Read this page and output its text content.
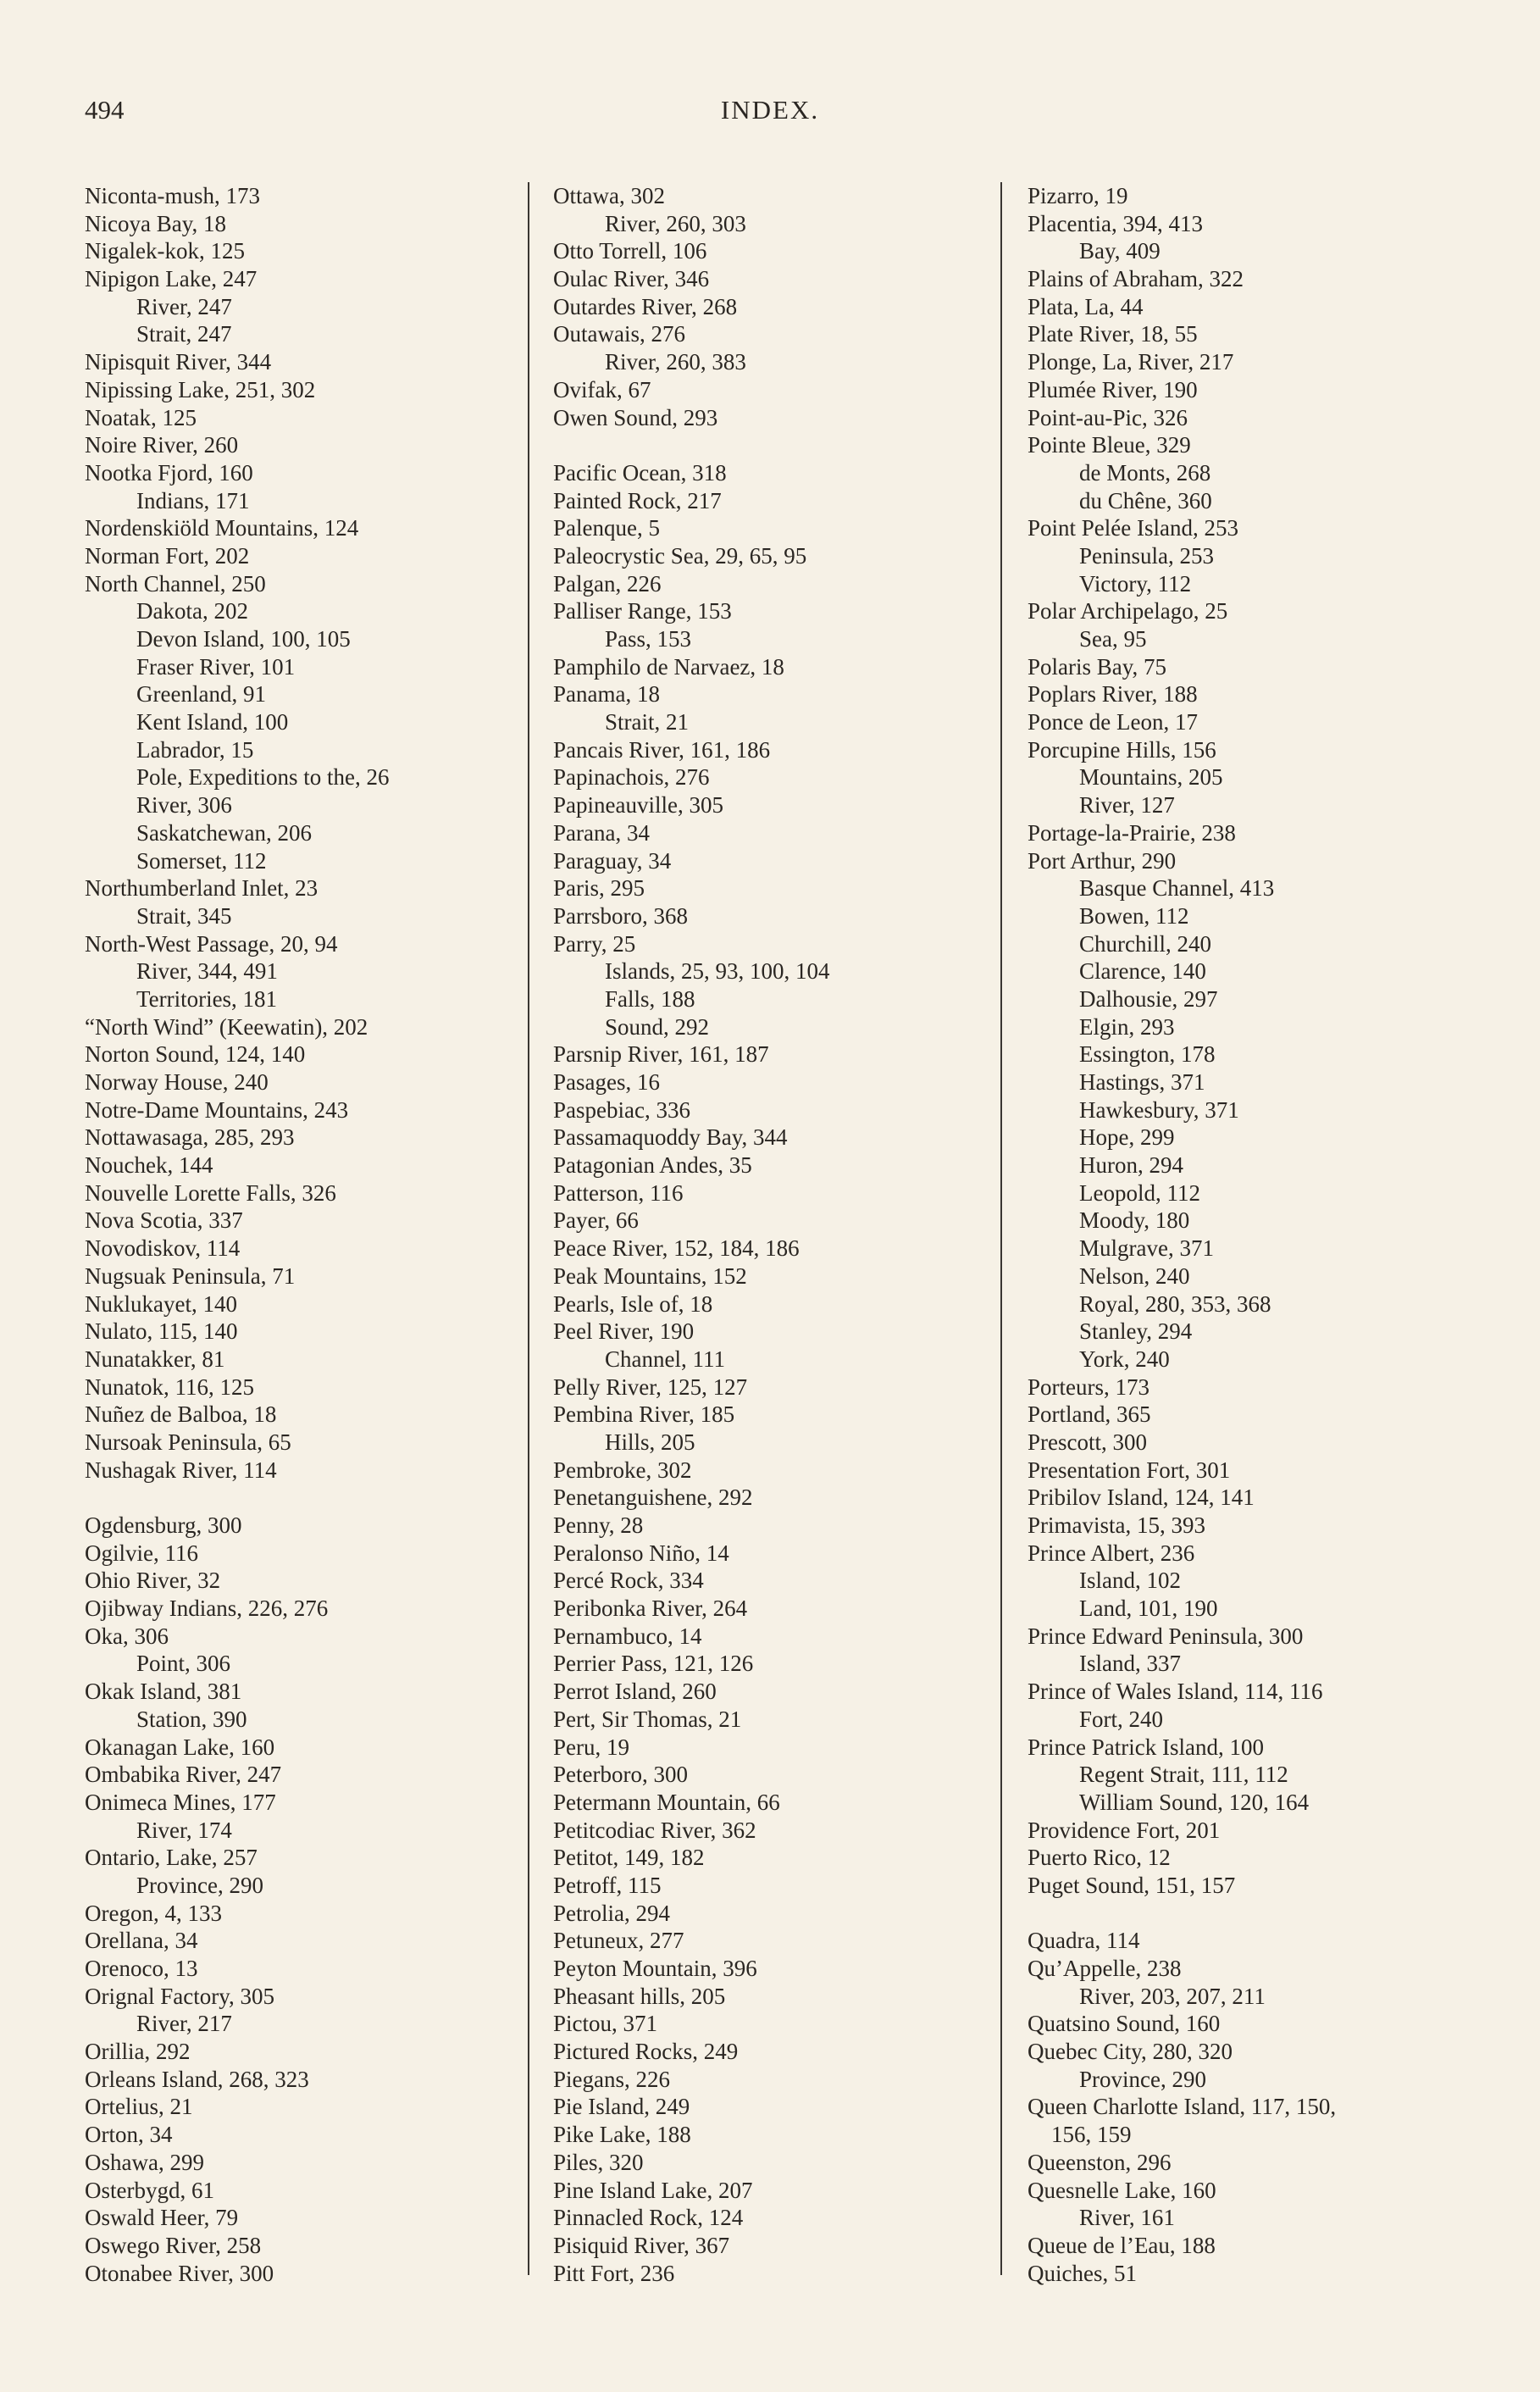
494	INDEX.
Niconta-mush, 173
Nicoya Bay, 18
Nigalek-kok, 125
Nipigon Lake, 247
River, 247
Strait, 247
Nipisquit River, 344
Nipissing Lake, 251, 302
Noatak, 125
Noire River, 260
Nootka Fjord, 160
Indians, 171
Nordenskiöld Mountains, 124
Norman Fort, 202
North Channel, 250
Dakota, 202
Devon Island, 100, 105
Fraser River, 101
Greenland, 91
Kent Island, 100
Labrador, 15
Pole, Expeditions to the, 26
River, 306
Saskatchewan, 206
Somerset, 112
Northumberland Inlet, 23
Strait, 345
North-West Passage, 20, 94
River, 344, 491
Territories, 181
“North Wind” (Keewatin), 202
Norton Sound, 124, 140
Norway House, 240
Notre-Dame Mountains, 243
Nottawasaga, 285, 293
Nouchek, 144
Nouvelle Lorette Falls, 326
Nova Scotia, 337
Novodiskov, 114
Nugsuak Peninsula, 71
Nuklukayet, 140
Nulato, 115, 140
Nunatakker, 81
Nunatok, 116, 125
Nuñez de Balboa, 18
Nursoak Peninsula, 65
Nushagak River, 114
Ogdensburg, 300
Ogilvie, 116
Ohio River, 32
Ojibway Indians, 226, 276
Oka, 306
Point, 306
Okak Island, 381
Station, 390
Okanagan Lake, 160
Ombabika River, 247
Onimeca Mines, 177
River, 174
Ontario, Lake, 257
Province, 290
Oregon, 4, 133
Orellana, 34
Orenoco, 13
Orignal Factory, 305
River, 217
Orillia, 292
Orleans Island, 268, 323
Ortelius, 21
Orton, 34
Oshawa, 299
Osterbygd, 61
Oswald Heer, 79
Oswego River, 258
Otonabee River, 300
Ottawa, 302
River, 260, 303
Otto Torrell, 106
Oulac River, 346
Outardes River, 268
Outawais, 276
River, 260, 383
Ovifak, 67
Owen Sound, 293
Pacific Ocean, 318
Painted Rock, 217
Palenque, 5
Paleocrystic Sea, 29, 65, 95
Palgan, 226
Palliser Range, 153
Pass, 153
Pamphilo de Narvaez, 18
Panama, 18
Strait, 21
Pancais River, 161, 186
Papinachois, 276
Papineauville, 305
Parana, 34
Paraguay, 34
Paris, 295
Parrsboro, 368
Parry, 25
Islands, 25, 93, 100, 104
Falls, 188
Sound, 292
Parsnip River, 161, 187
Pasages, 16
Paspebiac, 336
Passamaquoddy Bay, 344
Patagonian Andes, 35
Patterson, 116
Payer, 66
Peace River, 152, 184, 186
Peak Mountains, 152
Pearls, Isle of, 18
Peel River, 190
Channel, 111
Pelly River, 125, 127
Pembina River, 185
Hills, 205
Pembroke, 302
Penetanguishene, 292
Penny, 28
Peralonso Niño, 14
Percé Rock, 334
Peribonka River, 264
Pernambuco, 14
Perrier Pass, 121, 126
Perrot Island, 260
Pert, Sir Thomas, 21
Peru, 19
Peterboro, 300
Petermann Mountain, 66
Petitcodiac River, 362
Petitot, 149, 182
Petroff, 115
Petrolia, 294
Petuneux, 277
Peyton Mountain, 396
Pheasant hills, 205
Pictou, 371
Pictured Rocks, 249
Piegans, 226
Pie Island, 249
Pike Lake, 188
Piles, 320
Pine Island Lake, 207
Pinnacled Rock, 124
Pisiquid River, 367
Pitt Fort, 236
Pizarro, 19
Placentia, 394, 413
Bay, 409
Plains of Abraham, 322
Plata, La, 44
Plate River, 18, 55
Plonge, La, River, 217
Plumée River, 190
Point-au-Pic, 326
Pointe Bleue, 329
de Monts, 268
du Chêne, 360
Point Pelée Island, 253
Peninsula, 253
Victory, 112
Polar Archipelago, 25
Sea, 95
Polaris Bay, 75
Poplars River, 188
Ponce de Leon, 17
Porcupine Hills, 156
Mountains, 205
River, 127
Portage-la-Prairie, 238
Port Arthur, 290
Basque Channel, 413
Bowen, 112
Churchill, 240
Clarence, 140
Dalhousie, 297
Elgin, 293
Essington, 178
Hastings, 371
Hawkesbury, 371
Hope, 299
Huron, 294
Leopold, 112
Moody, 180
Mulgrave, 371
Nelson, 240
Royal, 280, 353, 368
Stanley, 294
York, 240
Porteurs, 173
Portland, 365
Prescott, 300
Presentation Fort, 301
Pribilov Island, 124, 141
Primavista, 15, 393
Prince Albert, 236
Island, 102
Land, 101, 190
Prince Edward Peninsula, 300
Island, 337
Prince of Wales Island, 114, 116
Fort, 240
Prince Patrick Island, 100
Regent Strait, 111, 112
William Sound, 120, 164
Providence Fort, 201
Puerto Rico, 12
Puget Sound, 151, 157
Quadra, 114
Qu’Appelle, 238
River, 203, 207, 211
Quatsino Sound, 160
Quebec City, 280, 320
Province, 290
Queen Charlotte Island, 117, 150,
156, 159
Queenston, 296
Quesnelle Lake, 160
River, 161
Queue de l’Eau, 188
Quiches, 51
